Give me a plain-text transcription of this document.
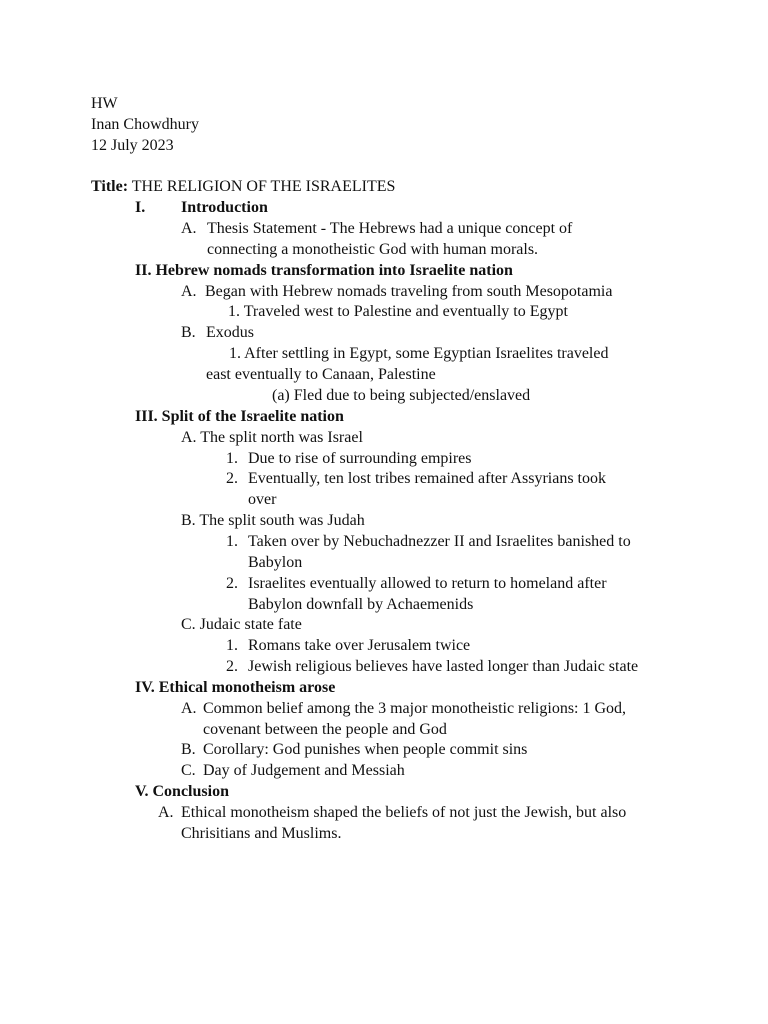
HW
Inan Chowdhury
12 July 2023
Title: THE RELIGION OF THE ISRAELITES
I. Introduction
A. Thesis Statement - The Hebrews had a unique concept of
connecting a monotheistic God with human morals.
II. Hebrew nomads transformation into Israelite nation
A. Began with Hebrew nomads traveling from south Mesopotamia
1. Traveled west to Palestine and eventually to Egypt
B. Exodus
1. After settling in Egypt, some Egyptian Israelites traveled
east eventually to Canaan, Palestine
(a) Fled due to being subjected/enslaved
III. Split of the Israelite nation
A. The split north was Israel
1. Due to rise of surrounding empires
2. Eventually, ten lost tribes remained after Assyrians took
over
B. The split south was Judah
1. Taken over by Nebuchadnezzer II and Israelites banished to
Babylon
2. Israelites eventually allowed to return to homeland after
Babylon downfall by Achaemenids
C. Judaic state fate
1. Romans take over Jerusalem twice
2. Jewish religious believes have lasted longer than Judaic state
IV. Ethical monotheism arose
A. Common belief among the 3 major monotheistic religions: 1 God,
covenant between the people and God
B. Corollary: God punishes when people commit sins
C. Day of Judgement and Messiah
V. Conclusion
A. Ethical monotheism shaped the beliefs of not just the Jewish, but also
Chrisitians and Muslims.
